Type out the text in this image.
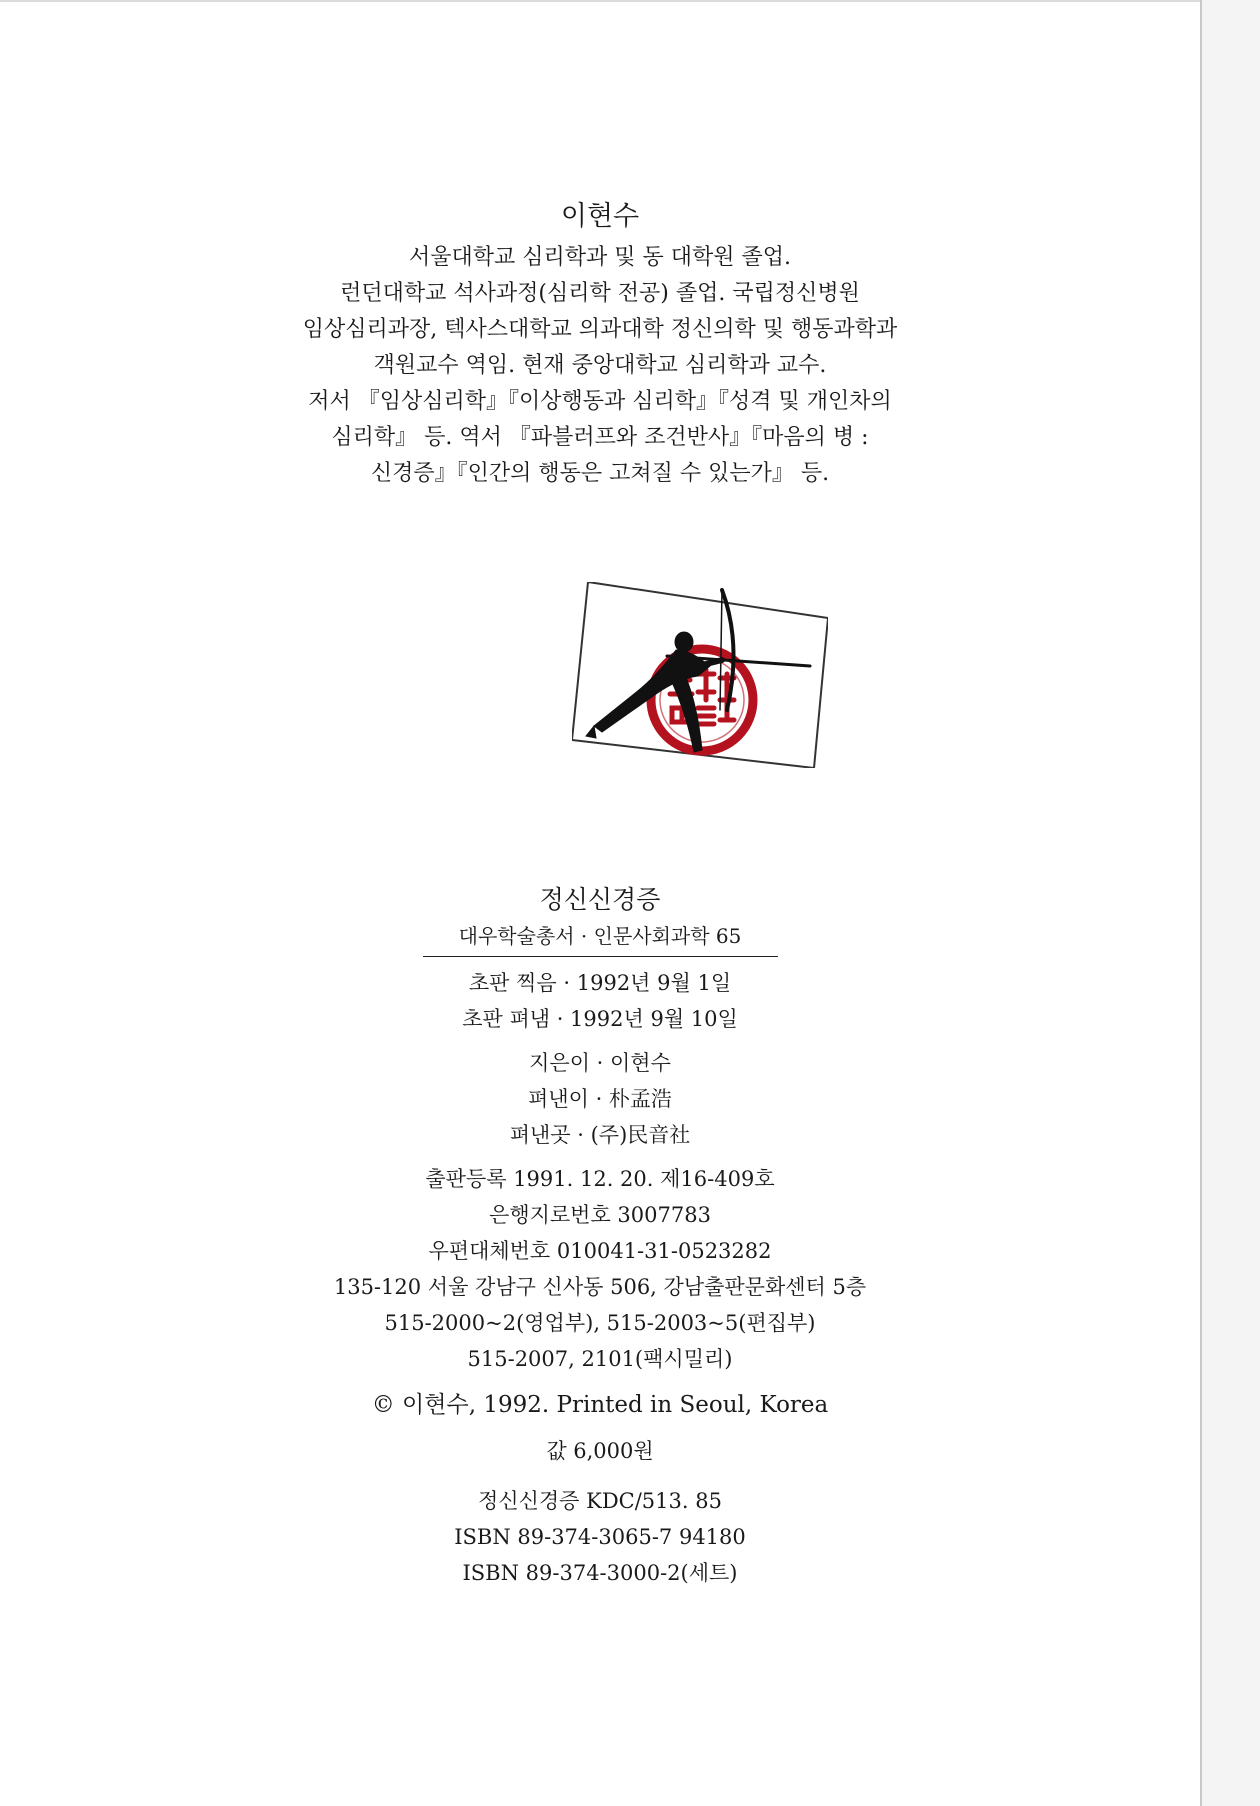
이현수
서울대학교 심리학과 및 동 대학원 졸업.
런던대학교 석사과정(심리학 전공) 졸업. 국립정신병원
임상심리과장, 텍사스대학교 의과대학 정신의학 및 행동과학과
객원교수 역임. 현재 중앙대학교 심리학과 교수.
저서 『임상심리학』『이상행동과 심리학』『성격 및 개인차의
심리학』 등. 역서 『파블러프와 조건반사』『마음의 병 :
신경증』『인간의 행동은 고쳐질 수 있는가』 등.
정신신경증
대우학술총서 · 인문사회과학 65
초판 찍음 · 1992년 9월 1일
초판 펴냄 · 1992년 9월 10일
지은이 · 이현수
펴낸이 · 朴孟浩
펴낸곳 · (주)民音社
출판등록 1991. 12. 20. 제16-409호
은행지로번호 3007783
우편대체번호 010041-31-0523282
135-120 서울 강남구 신사동 506, 강남출판문화센터 5층
515-2000~2(영업부), 515-2003~5(편집부)
515-2007, 2101(팩시밀리)
© 이현수, 1992. Printed in Seoul, Korea
값 6,000원
정신신경증 KDC/513. 85
ISBN 89-374-3065-7 94180
ISBN 89-374-3000-2(세트)
